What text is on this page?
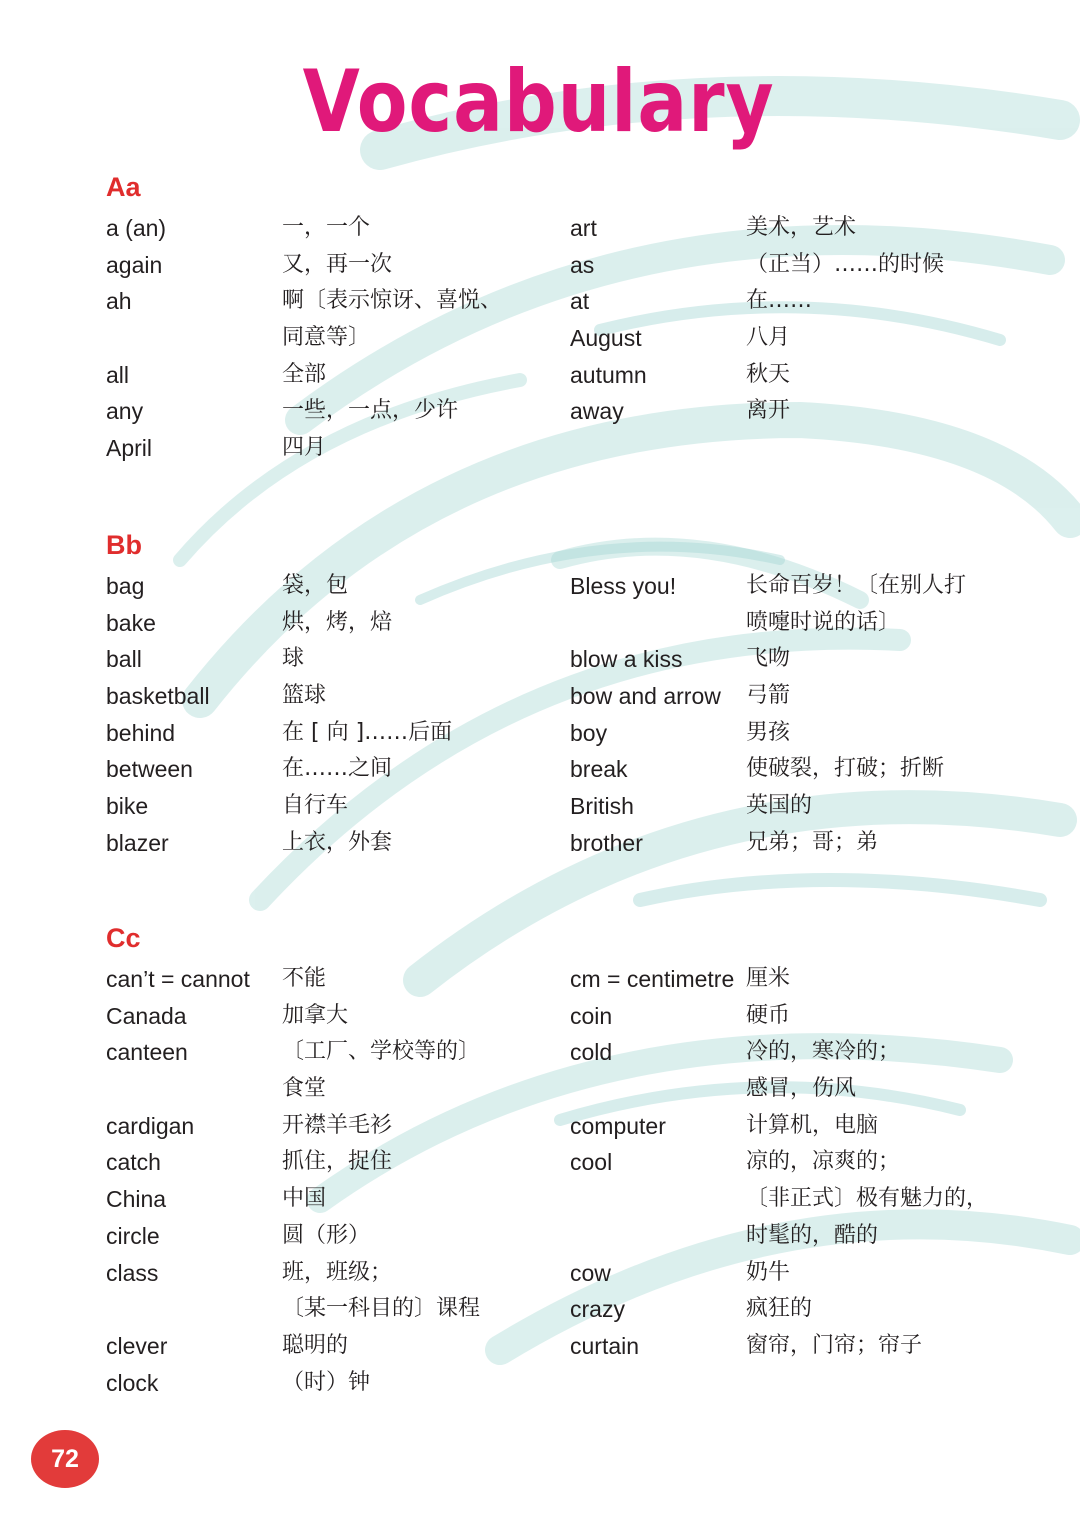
Vocabulary
Aa
a (an)	一，一个
again	又，再一次
ah	啊〔表示惊讶、喜悦、
同意等〕
all	全部
any	一些，一点，少许
April	四月
art	美术，艺术
as	（正当）……的时候
at	在……
August	八月
autumn	秋天
away	离开
Bb
bag	袋，包
bake	烘，烤，焙
ball	球
basketball	篮球
behind	在 [ 向 ]……后面
between	在……之间
bike	自行车
blazer	上衣，外套
Bless you!	长命百岁！〔在别人打
喷嚏时说的话〕
blow a kiss	飞吻
bow and arrow 弓箭
boy	男孩
break	使破裂，打破；折断
British	英国的
brother	兄弟；哥；弟
Cc
can’t = cannot 不能
Canada	加拿大
canteen	〔工厂、学校等的〕
食堂
cardigan	开襟羊毛衫
catch	抓住，捉住
China	中国
circle	圆（形）
class	班，班级；
〔某一科目的〕课程
clever	聪明的
clock	（时）钟
cm = centimetre 厘米
coin	硬币
cold	冷的，寒冷的；
感冒，伤风
computer	计算机，电脑
cool	凉的，凉爽的；
〔非正式〕极有魅力的，
时髦的，酷的
cow	奶牛
crazy	疯狂的
curtain	窗帘，门帘；帘子
72
